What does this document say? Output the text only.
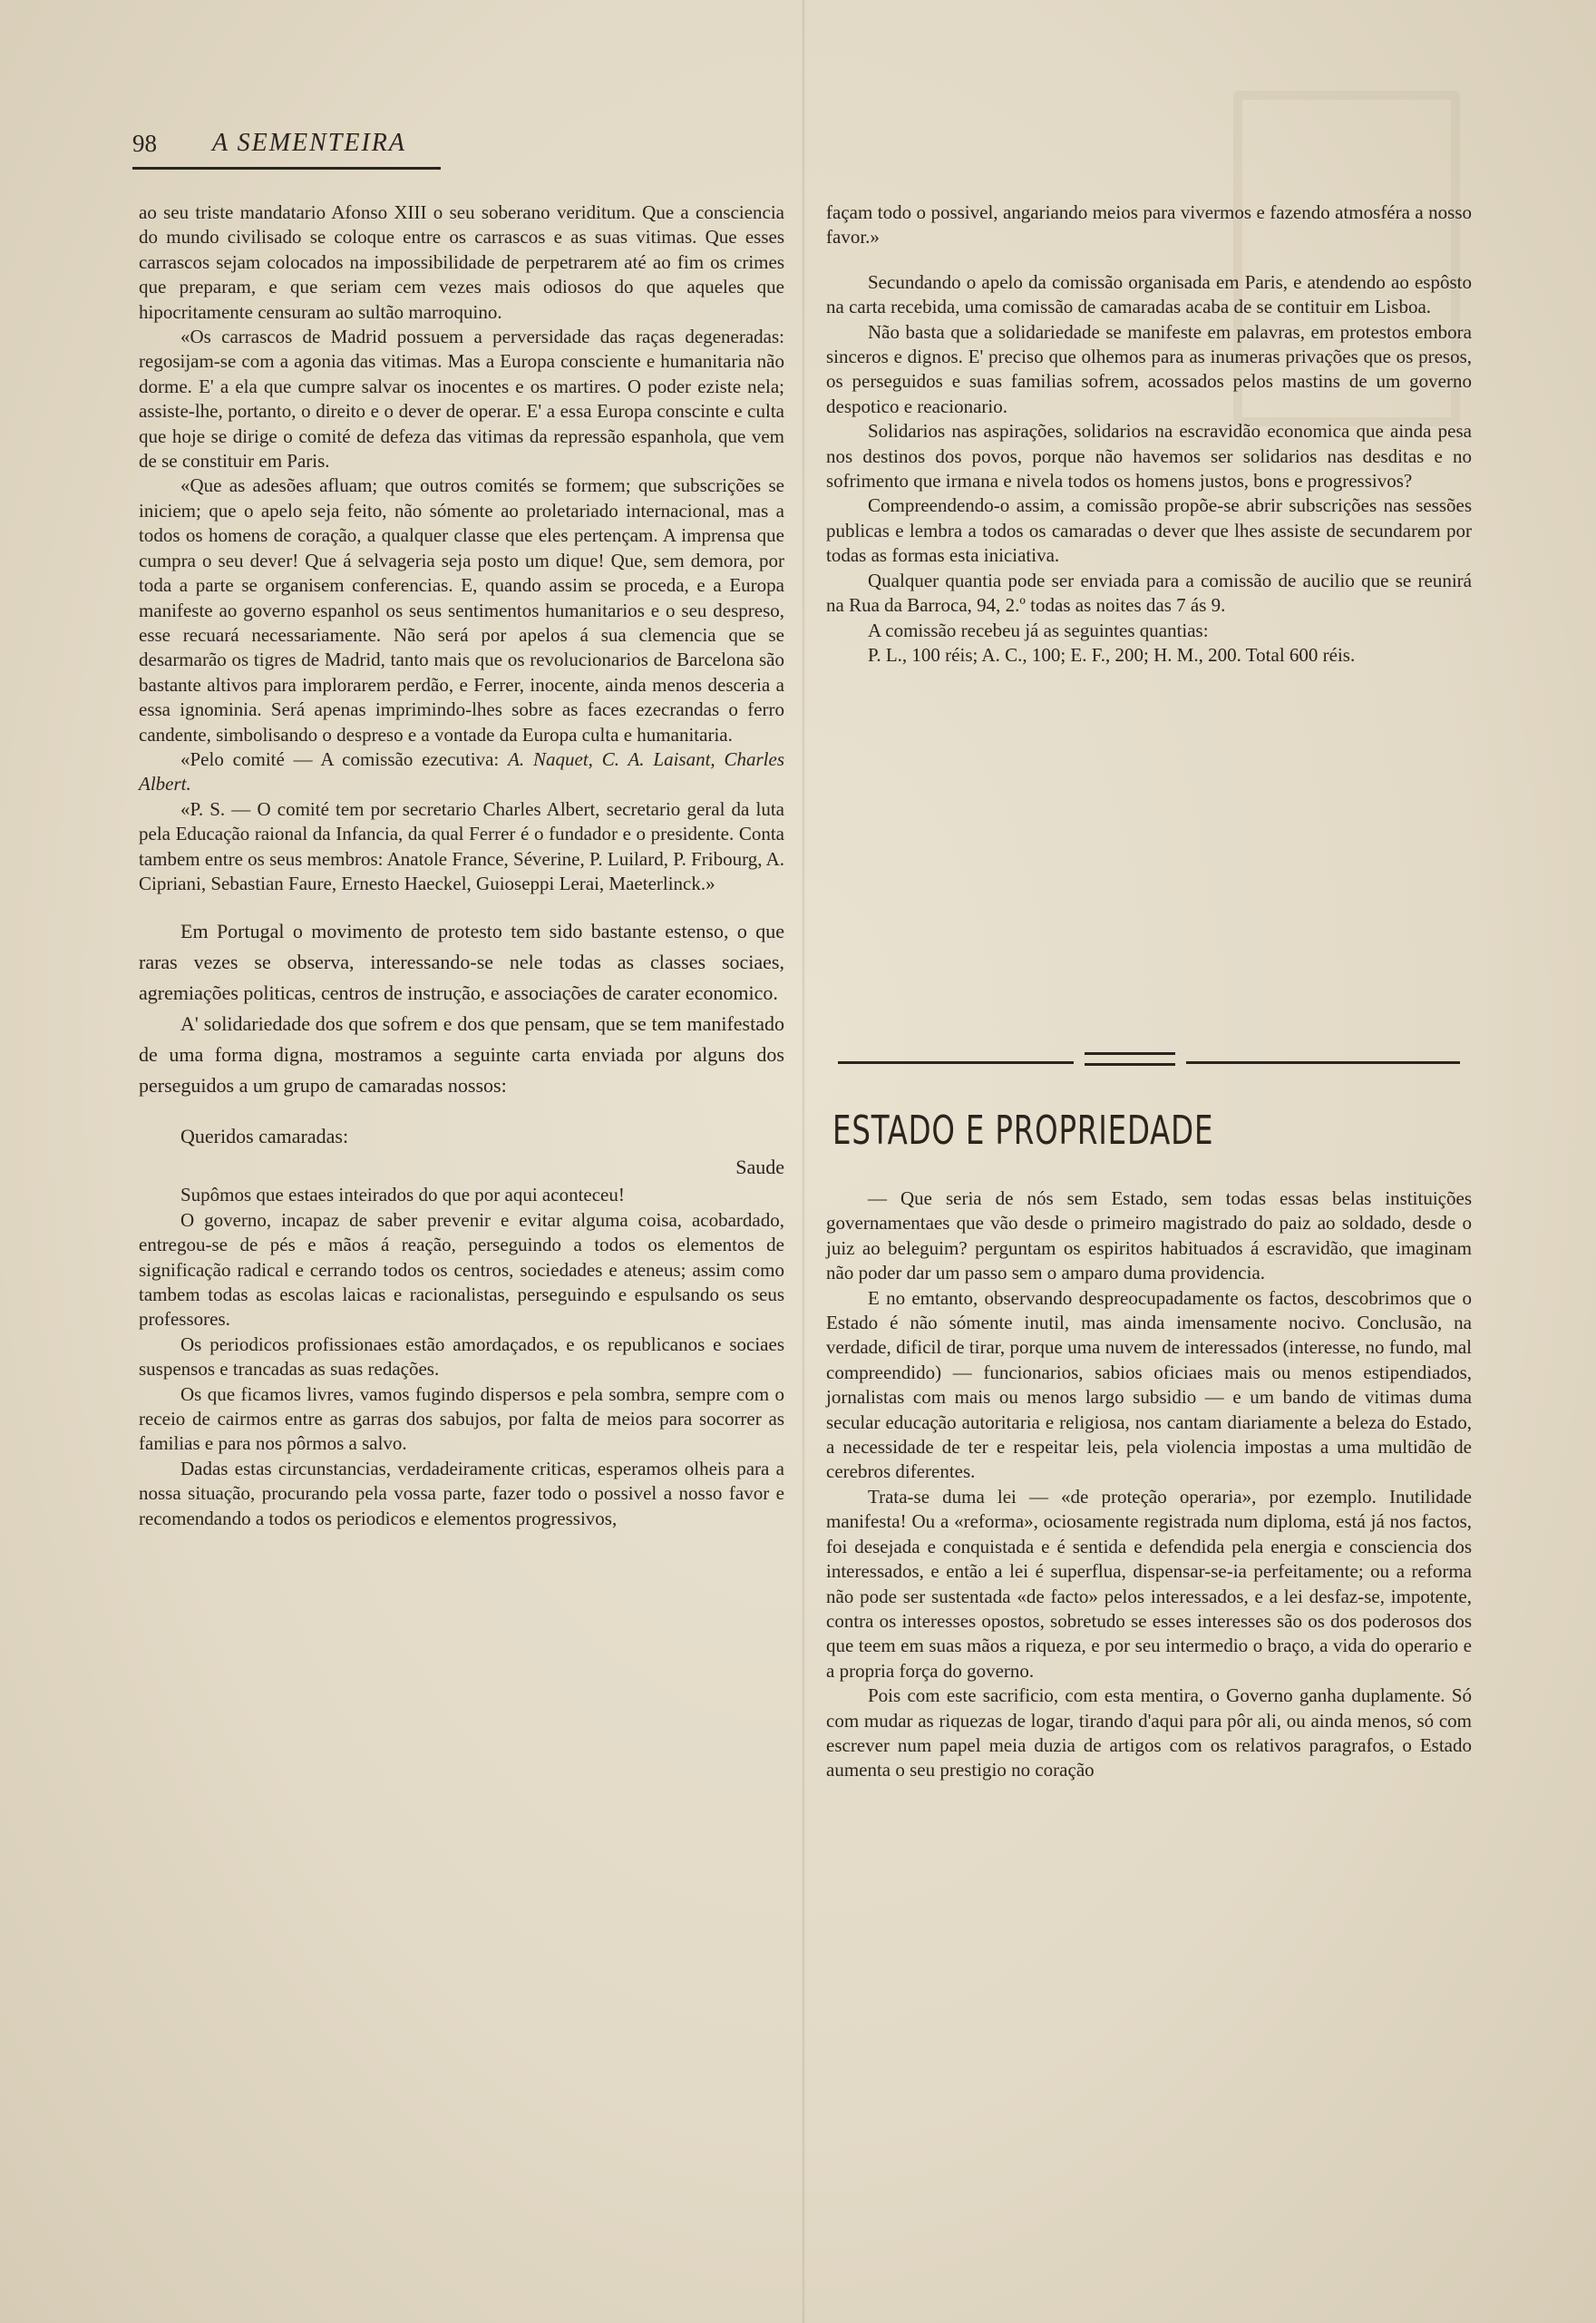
98 A SEMENTEIRA

ao seu triste mandatario Afonso XIII o seu soberano veriditum. Que a consciencia do mundo civilisado se coloque entre os carrascos e as suas vitimas. Que esses carrascos sejam colocados na impossibilidade de perpetrarem até ao fim os crimes que preparam, e que seriam cem vezes mais odiosos do que aqueles que hipocritamente censuram ao sultão marroquino.

«Os carrascos de Madrid possuem a perversidade das raças degeneradas: regosijam-se com a agonia das vitimas. Mas a Europa consciente e humanitaria não dorme. E' a ela que cumpre salvar os inocentes e os martires. O poder eziste nela; assiste-lhe, portanto, o direito e o dever de operar. E' a essa Europa conscinte e culta que hoje se dirige o comité de defeza das vitimas da repressão espanhola, que vem de se constituir em Paris.

«Que as adesões afluam; que outros comités se formem; que subscrições se iniciem; que o apelo seja feito, não sómente ao proletariado internacional, mas a todos os homens de coração, a qualquer classe que eles pertençam. A imprensa que cumpra o seu dever! Que á selvageria seja posto um dique! Que, sem demora, por toda a parte se organisem conferencias. E, quando assim se proceda, e a Europa manifeste ao governo espanhol os seus sentimentos humanitarios e o seu despreso, esse recuará necessariamente. Não será por apelos á sua clemencia que se desarmarão os tigres de Madrid, tanto mais que os revolucionarios de Barcelona são bastante altivos para implorarem perdão, e Ferrer, inocente, ainda menos desceria a essa ignominia. Será apenas imprimindo-lhes sobre as faces ezecrandas o ferro candente, simbolisando o despreso e a vontade da Europa culta e humanitaria.

«Pelo comité — A comissão ezecutiva: A. Naquet, C. A. Laisant, Charles Albert.

«P. S. — O comité tem por secretario Charles Albert, secretario geral da luta pela Educação raional da Infancia, da qual Ferrer é o fundador e o presidente. Conta tambem entre os seus membros: Anatole France, Séverine, P. Luilard, P. Fribourg, A. Cipriani, Sebastian Faure, Ernesto Haeckel, Guioseppi Lerai, Maeterlinck.»

Em Portugal o movimento de protesto tem sido bastante estenso, o que raras vezes se observa, interessando-se nele todas as classes sociaes, agremiações politicas, centros de instrução, e associações de carater economico.

A' solidariedade dos que sofrem e dos que pensam, que se tem manifestado de uma forma digna, mostramos a seguinte carta enviada por alguns dos perseguidos a um grupo de camaradas nossos:

Queridos camaradas:

Saude

Supômos que estaes inteirados do que por aqui aconteceu!

O governo, incapaz de saber prevenir e evitar alguma coisa, acobardado, entregou-se de pés e mãos á reação, perseguindo a todos os elementos de significação radical e cerrando todos os centros, sociedades e ateneus; assim como tambem todas as escolas laicas e racionalistas, perseguindo e espulsando os seus professores.

Os periodicos profissionaes estão amordaçados, e os republicanos e sociaes suspensos e trancadas as suas redações.

Os que ficamos livres, vamos fugindo dispersos e pela sombra, sempre com o receio de cairmos entre as garras dos sabujos, por falta de meios para socorrer as familias e para nos pôrmos a salvo.

Dadas estas circunstancias, verdadeiramente criticas, esperamos olheis para a nossa situação, procurando pela vossa parte, fazer todo o possivel a nosso favor e recomendando a todos os periodicos e elementos progressivos,

façam todo o possivel, angariando meios para vivermos e fazendo atmosféra a nosso favor.»

Secundando o apelo da comissão organisada em Paris, e atendendo ao espôsto na carta recebida, uma comissão de camaradas acaba de se contituir em Lisboa.

Não basta que a solidariedade se manifeste em palavras, em protestos embora sinceros e dignos. E' preciso que olhemos para as inumeras privações que os presos, os perseguidos e suas familias sofrem, acossados pelos mastins de um governo despotico e reacionario.

Solidarios nas aspirações, solidarios na escravidão economica que ainda pesa nos destinos dos povos, porque não havemos ser solidarios nas desditas e no sofrimento que irmana e nivela todos os homens justos, bons e progressivos?

Compreendendo-o assim, a comissão propõe-se abrir subscrições nas sessões publicas e lembra a todos os camaradas o dever que lhes assiste de secundarem por todas as formas esta iniciativa.

Qualquer quantia pode ser enviada para a comissão de aucilio que se reunirá na Rua da Barroca, 94, 2.º todas as noites das 7 ás 9.

A comissão recebeu já as seguintes quantias:

P. L., 100 réis; A. C., 100; E. F., 200; H. M., 200. Total 600 réis.

ESTADO E PROPRIEDADE

— Que seria de nós sem Estado, sem todas essas belas instituições governamentaes que vão desde o primeiro magistrado do paiz ao soldado, desde o juiz ao beleguim? perguntam os espiritos habituados á escravidão, que imaginam não poder dar um passo sem o amparo duma providencia.

E no emtanto, observando despreocupadamente os factos, descobrimos que o Estado é não sómente inutil, mas ainda imensamente nocivo. Conclusão, na verdade, dificil de tirar, porque uma nuvem de interessados (interesse, no fundo, mal compreendido) — funcionarios, sabios oficiaes mais ou menos estipendiados, jornalistas com mais ou menos largo subsidio — e um bando de vitimas duma secular educação autoritaria e religiosa, nos cantam diariamente a beleza do Estado, a necessidade de ter e respeitar leis, pela violencia impostas a uma multidão de cerebros diferentes.

Trata-se duma lei — «de proteção operaria», por ezemplo. Inutilidade manifesta! Ou a «reforma», ociosamente registrada num diploma, está já nos factos, foi desejada e conquistada e é sentida e defendida pela energia e consciencia dos interessados, e então a lei é superflua, dispensar-se-ia perfeitamente; ou a reforma não pode ser sustentada «de facto» pelos interessados, e a lei desfaz-se, impotente, contra os interesses opostos, sobretudo se esses interesses são os dos poderosos dos que teem em suas mãos a riqueza, e por seu intermedio o braço, a vida do operario e a propria força do governo.

Pois com este sacrificio, com esta mentira, o Governo ganha duplamente. Só com mudar as riquezas de logar, tirando d'aqui para pôr ali, ou ainda menos, só com escrever num papel meia duzia de artigos com os relativos paragrafos, o Estado aumenta o seu prestigio no coração
